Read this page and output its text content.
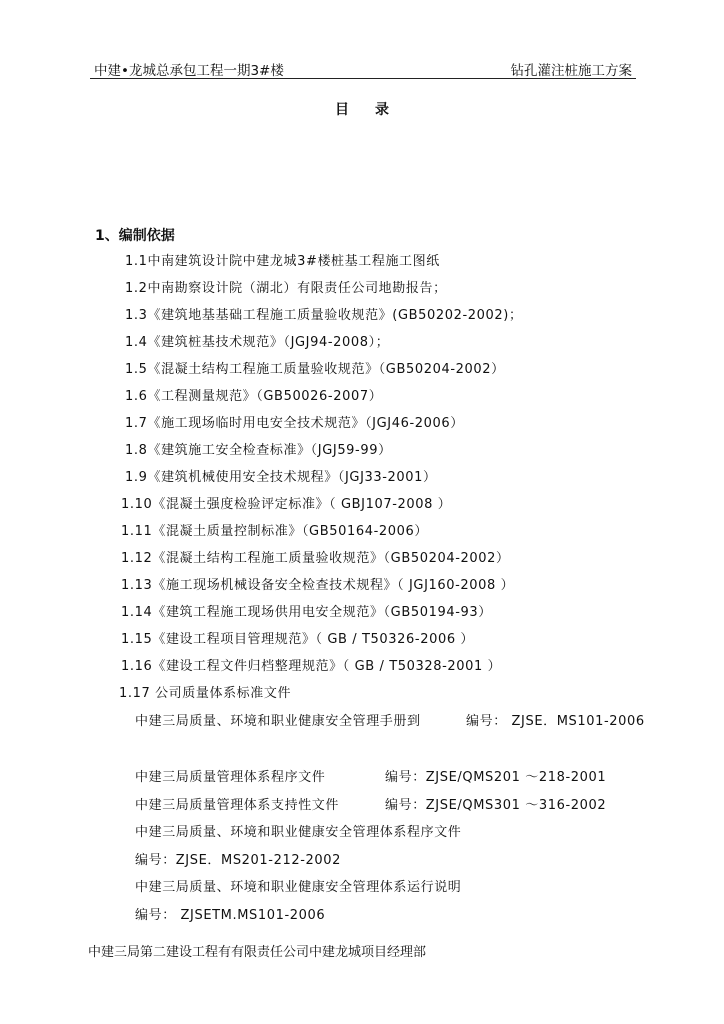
中建•龙城总承包工程一期3#楼	钻孔灌注桩施工方案
目录
1、编制依据
1.1中南建筑设计院中建龙城3#楼桩基工程施工图纸
1.2中南勘察设计院（湖北）有限责任公司地勘报告；
1.3《建筑地基基础工程施工质量验收规范》(GB50202-2002)；
1.4《建筑桩基技术规范》（JGJ94-2008）；
1.5《混凝土结构工程施工质量验收规范》（GB50204-2002）
1.6《工程测量规范》（GB50026-2007）
1.7《施工现场临时用电安全技术规范》（JGJ46-2006）
1.8《建筑施工安全检查标准》（JGJ59-99）
1.9《建筑机械使用安全技术规程》（JGJ33-2001）
1.10《混凝土强度检验评定标准》（ GBJ107-2008 ）
1.11《混凝土质量控制标准》（GB50164-2006）
1.12《混凝土结构工程施工质量验收规范》（GB50204-2002）
1.13《施工现场机械设备安全检查技术规程》（ JGJ160-2008 ）
1.14《建筑工程施工现场供用电安全规范》（GB50194-93）
1.15《建设工程项目管理规范》（ GB / T50326-2006 ）
1.16《建设工程文件归档整理规范》（ GB / T50328-2001 ）
1.17 公司质量体系标准文件
中建三局质量、环境和职业健康安全管理手册到	编号： ZJSE．MS101-2006
中建三局质量管理体系程序文件	编号：ZJSE/QMS201 ～218-2001
中建三局质量管理体系支持性文件	编号：ZJSE/QMS301 ～316-2002
中建三局质量、环境和职业健康安全管理体系程序文件
编号：ZJSE．MS201-212-2002
中建三局质量、环境和职业健康安全管理体系运行说明
编号： ZJSETM.MS101-2006
中建三局第二建设工程有有限责任公司中建龙城项目经理部
